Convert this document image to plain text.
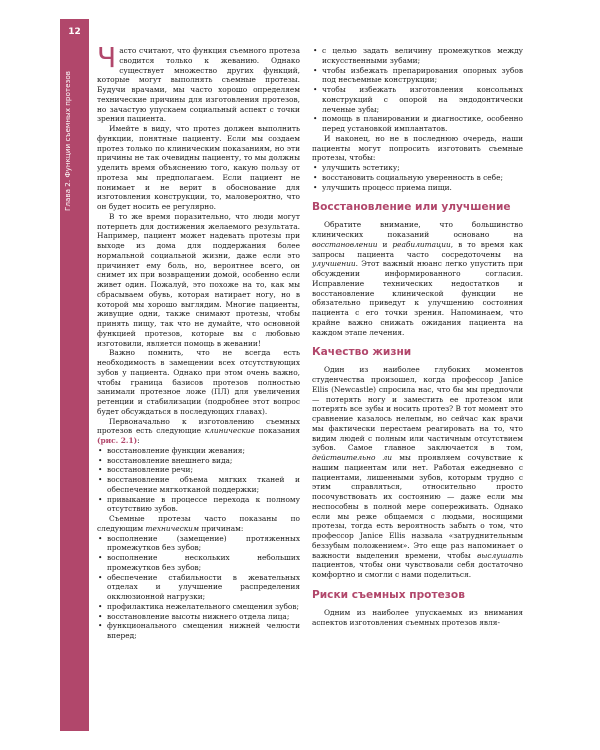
12
Глава 2. Функции съемных протезов

Часто считают, что функция съемного протеза сводится только к жеванию. Однако существует множество других функций, которые могут выполнять съемные протезы. Будучи врачами, мы часто хорошо определяем технические причины для изготовления протезов, но зачастую упускаем социальный аспект с точки зрения пациента.

Имейте в виду, что протез должен выполнить функции, понятные пациенту. Если мы создаем протез только по клиническим показаниям, но эти причины не так очевидны пациенту, то мы должны уделить время объяснению того, какую пользу от протеза мы предполагаем. Если пациент не понимает и не верит в обоснование для изготовления конструкции, то, маловероятно, что он будет носить ее регулярно.

В то же время поразительно, что люди могут потерпеть для достижения желаемого результата. Например, пациент может надевать протезы при выходе из дома для поддержания более нормальной социальной жизни, даже если это причиняет ему боль, но, вероятнее всего, он снимет их при возвращении домой, особенно если живет один. Пожалуй, это похоже на то, как мы сбрасываем обувь, которая натирает ногу, но в которой мы хорошо выглядим. Многие пациенты, живущие одни, также снимают протезы, чтобы принять пищу, так что не думайте, что основной функцией протезов, которые вы с любовью изготовили, является помощь в жевании!

Важно помнить, что не всегда есть необходимость в замещении всех отсутствующих зубов у пациента. Однако при этом очень важно, чтобы граница базисов протезов полностью занимали протезное ложе (ПЛ) для увеличения ретенции и стабилизации (подробнее этот вопрос будет обсуждаться в последующих главах).

Первоначально к изготовлению съемных протезов есть следующие клинические показания (рис. 2.1):

• восстановление функции жевания;
• восстановление внешнего вида;
• восстановление речи;
• восстановление объема мягких тканей и обеспечение мягкотканой поддержки;
• привыкание в процессе перехода к полному отсутствию зубов.

Съемные протезы часто показаны по следующим техническим причинам:

• восполнение (замещение) протяженных промежутков без зубов;
• восполнение нескольких небольших промежутков без зубов;
• обеспечение стабильности в жевательных отделах и улучшение распределения окклюзионной нагрузки;
• профилактика нежелательного смещения зубов;
• восстановление высоты нижнего отдела лица;
• функционального смещения нижней челюсти вперед;
• с целью задать величину промежутков между искусственными зубами;
• чтобы избежать препарирования опорных зубов под несъемные конструкции;
• чтобы избежать изготовления консольных конструкций с опорой на эндодонтически леченые зубы;
• помощь в планировании и диагностике, особенно перед установкой имплантатов.

И наконец, но не в последнюю очередь, наши пациенты могут попросить изготовить съемные протезы, чтобы:

• улучшить эстетику;
• восстановить социальную уверенность в себе;
• улучшить процесс приема пищи.
Восстановление или улучшение

Обратите внимание, что большинство клинических показаний основано на восстановлении и реабилитации, в то время как запросы пациента часто сосредоточены на улучшении. Этот важный нюанс легко упустить при обсуждении информированного согласия. Исправление технических недостатков и восстановление клинической функции не обязательно приведут к улучшению состояния пациента с его точки зрения. Напоминаем, что крайне важно снижать ожидания пациента на каждом этапе лечения.

Качество жизни

Один из наиболее глубоких моментов студенчества произошел, когда профессор Janice Ellis (Newcastle) спросила нас, что бы мы предпочли — потерять ногу и заместить ее протезом или потерять все зубы и носить протез? В тот момент это сравнение казалось нелепым, но сейчас как врачи мы фактически перестаем реагировать на то, что видим людей с полным или частичным отсутствием зубов. Самое главное заключается в том, действительно ли мы проявляем сочувствие к нашим пациентам или нет. Работая ежедневно с пациентами, лишенными зубов, которым трудно с этим справляться, относительно просто посочувствовать их состоянию — даже если мы неспособны в полной мере сопереживать. Однако если мы реже общаемся с людьми, носящими протезы, тогда есть вероятность забыть о том, что профессор Janice Ellis назвала «затруднительным беззубым положением». Это еще раз напоминает о важности выделения времени, чтобы выслушать пациентов, чтобы они чувствовали себя достаточно комфортно и смогли с нами поделиться.

Риски съемных протезов

Одним из наиболее упускаемых из внимания аспектов изготовления съемных протезов явля-
